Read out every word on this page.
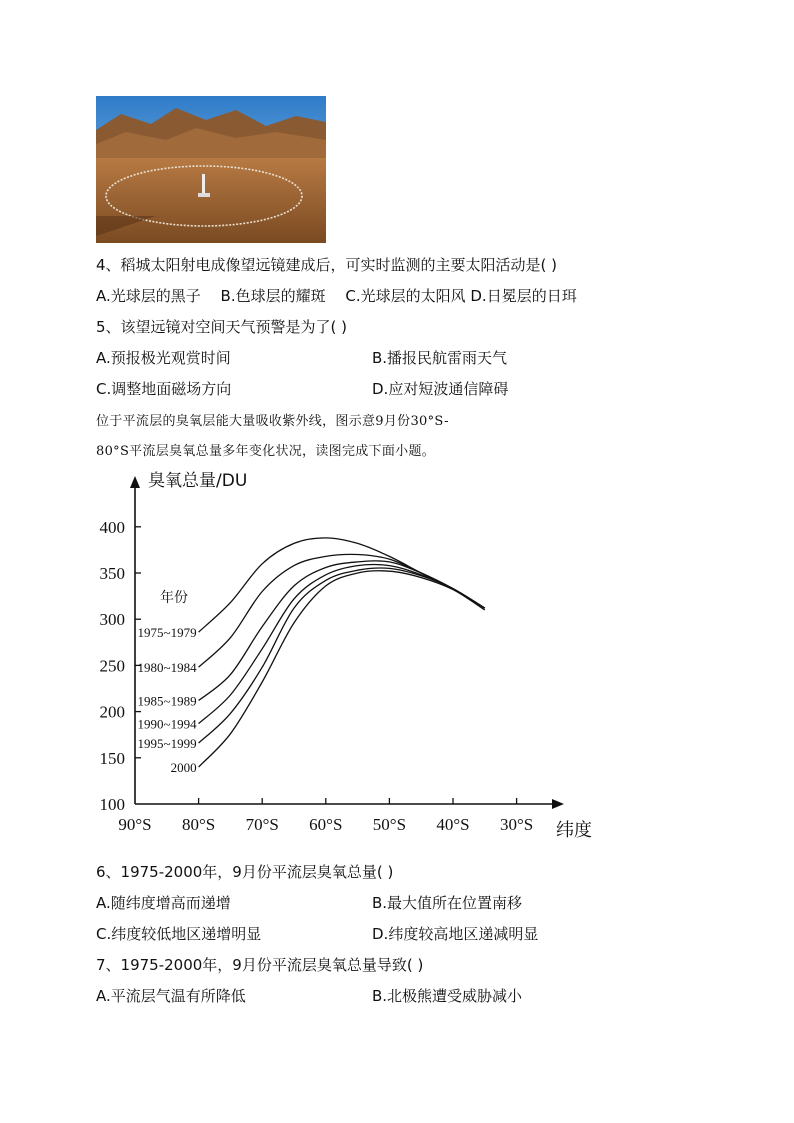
4、稻城太阳射电成像望远镜建成后，可实时监测的主要太阳活动是( )
A.光球层的黑子　 B.色球层的耀斑　 C.光球层的太阳风 D.日冕层的日珥
5、该望远镜对空间天气预警是为了( )
A.预报极光观赏时间	B.播报民航雷雨天气
C.调整地面磁场方向	D.应对短波通信障碍
位于平流层的臭氧层能大量吸收紫外线，图示意9月份30°S-
80°S平流层臭氧总量多年变化状况，读图完成下面小题。
400
350
300
250
200
150
100
90°S 80°S 70°S 60°S 50°S 40°S 30°S
臭氧总量/DU
纬度
年份
1975~1979
1980~1984
1985~1989
1990~1994
1995~1999
2000
6、1975-2000年，9月份平流层臭氧总量( )
A.随纬度增高而递增	B.最大值所在位置南移
C.纬度较低地区递增明显	D.纬度较高地区递减明显
7、1975-2000年，9月份平流层臭氧总量导致( )
A.平流层气温有所降低	B.北极熊遭受威胁减小
